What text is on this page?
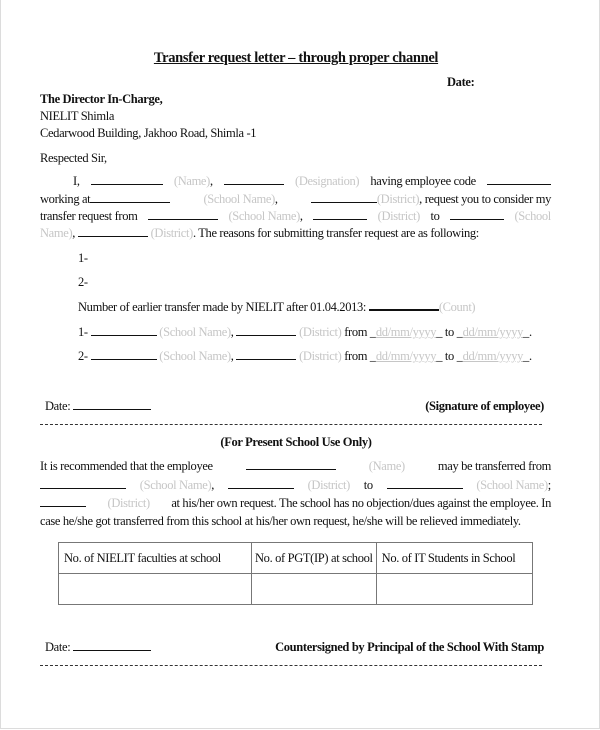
Transfer request letter – through proper channel
Date:
The Director In-Charge,
NIELIT Shimla
Cedarwood Building, Jakhoo Road, Shimla -1
Respected Sir,
I,	(Name),	(Designation) having employee code
working at	(School Name),	(District), request you to consider my
transfer request from	(School Name),	(District) to	(School
Name),	(District). The reasons for submitting transfer request are as following:
1-
2-
Number of earlier transfer made by NIELIT after 01.04.2013:	(Count)
1-	(School Name),	(District) from _dd/mm/yyyy_ to _dd/mm/yyyy_.
2-	(School Name),	(District) from _dd/mm/yyyy_ to _dd/mm/yyyy_.
Date:	(Signature of employee)
(For Present School Use Only)
It is recommended that the employee	(Name)	may be transferred from
(School Name),	(District) to	(School Name);
(District) at his/her own request. The school has no objection/dues against the employee. In
case he/she got transferred from this school at his/her own request, he/she will be relieved immediately.
No. of NIELIT faculties at school	No. of PGT(IP) at school	No. of IT Students in School

Date:	Countersigned by Principal of the School With Stamp
